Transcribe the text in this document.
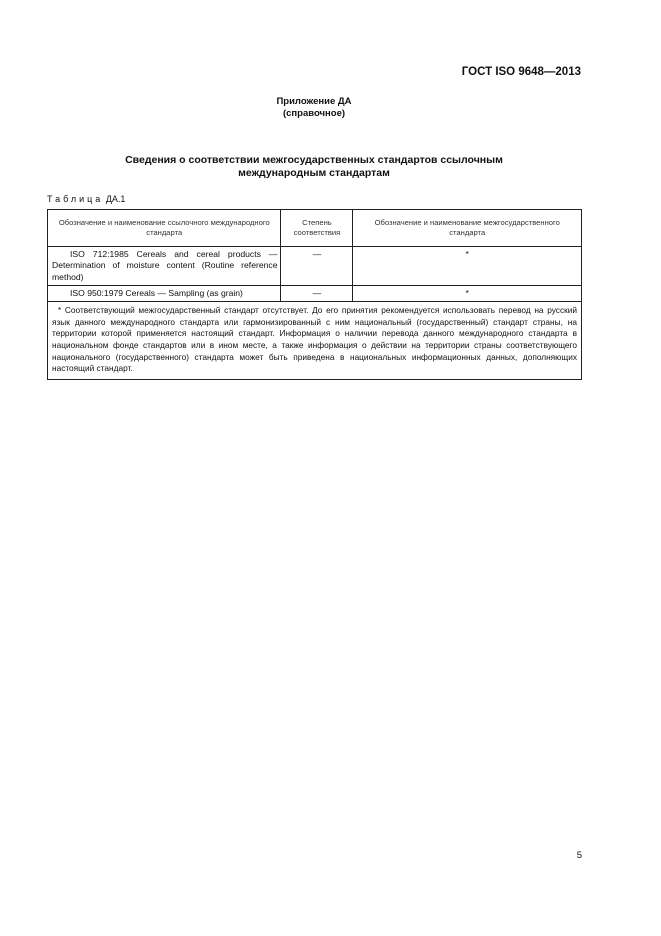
ГОСТ ISO 9648—2013
Приложение ДА
(справочное)
Сведения о соответствии межгосударственных стандартов ссылочным
международным стандартам
Таблица ДА.1
Обозначение и наименование ссылочного международного стандарта	Степень соответствия	Обозначение и наименование межгосударственного стандарта
ISO 712:1985 Cereals and cereal products — Determination of moisture content (Routine reference method)	—	*
ISO 950:1979 Cereals — Sampling (as grain)	—	*
* Соответствующий межгосударственный стандарт отсутствует. До его принятия рекомендуется использовать перевод на русский язык данного международного стандарта или гармонизированный с ним национальный (государственный) стандарт страны, на территории которой применяется настоящий стандарт. Информация о наличии перевода данного международного стандарта в национальном фонде стандартов или в ином месте, а также информация о действии на территории страны соответствующего национального (государственного) стандарта может быть приведена в национальных информационных данных, дополняющих настоящий стандарт.		
5
